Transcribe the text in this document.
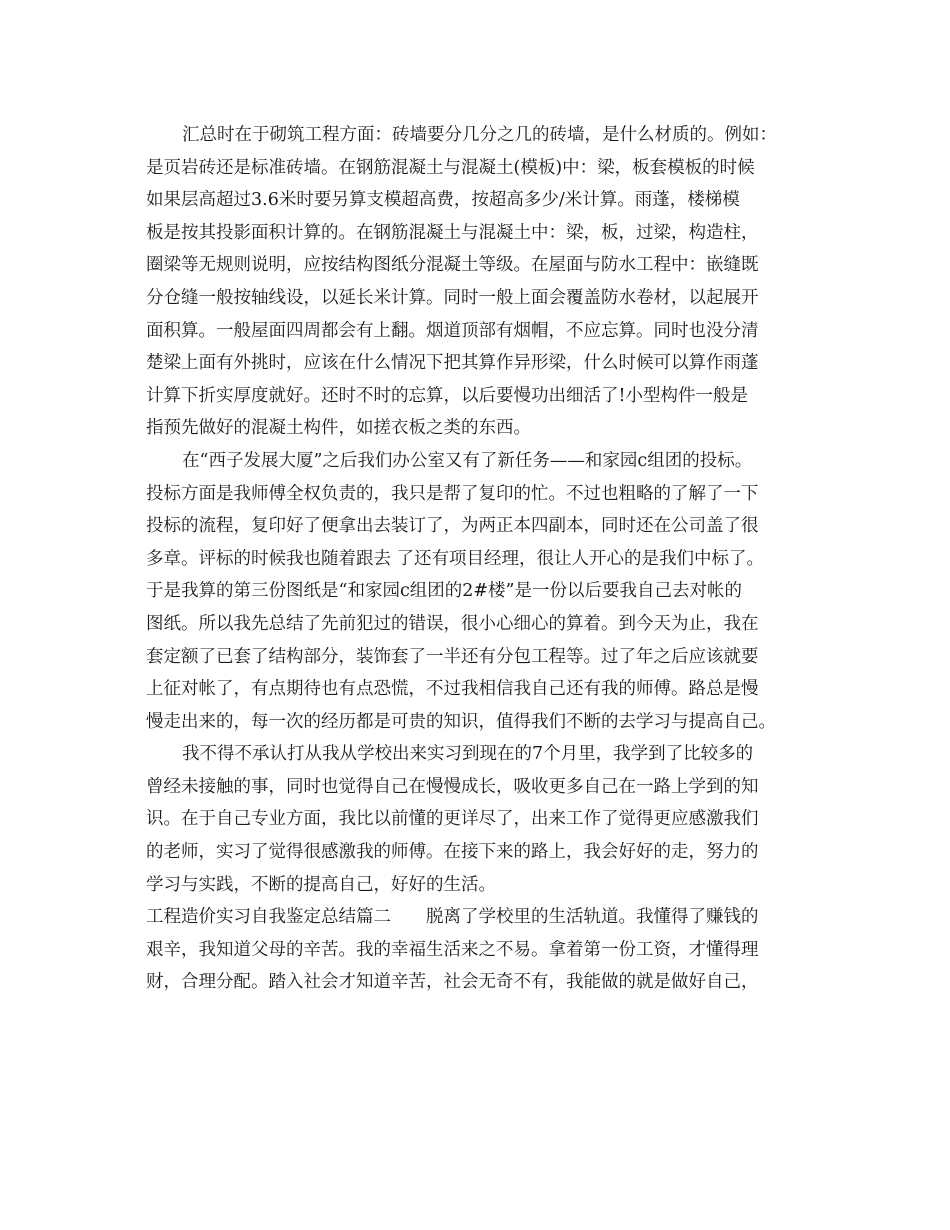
汇总时在于砌筑工程方面：砖墙要分几分之几的砖墙，是什么材质的。例如：
是页岩砖还是标准砖墙。在钢筋混凝土与混凝土(模板)中：梁，板套模板的时候
如果层高超过3.6米时要另算支模超高费，按超高多少/米计算。雨蓬，楼梯模
板是按其投影面积计算的。在钢筋混凝土与混凝土中：梁，板，过梁，构造柱，
圈梁等无规则说明，应按结构图纸分混凝土等级。在屋面与防水工程中：嵌缝既
分仓缝一般按轴线设，以延长米计算。同时一般上面会覆盖防水卷材，以起展开
面积算。一般屋面四周都会有上翻。烟道顶部有烟帽，不应忘算。同时也没分清
楚梁上面有外挑时，应该在什么情况下把其算作异形梁，什么时候可以算作雨蓬
计算下折实厚度就好。还时不时的忘算，以后要慢功出细活了!小型构件一般是
指预先做好的混凝土构件，如搓衣板之类的东西。
在“西子发展大厦”之后我们办公室又有了新任务——和家园c组团的投标。
投标方面是我师傅全权负责的，我只是帮了复印的忙。不过也粗略的了解了一下
投标的流程，复印好了便拿出去装订了，为两正本四副本，同时还在公司盖了很
多章。评标的时候我也随着跟去 了还有项目经理，很让人开心的是我们中标了。
于是我算的第三份图纸是“和家园c组团的2#楼”是一份以后要我自己去对帐的
图纸。所以我先总结了先前犯过的错误，很小心细心的算着。到今天为止，我在
套定额了已套了结构部分，装饰套了一半还有分包工程等。过了年之后应该就要
上征对帐了，有点期待也有点恐慌，不过我相信我自己还有我的师傅。路总是慢
慢走出来的，每一次的经历都是可贵的知识，值得我们不断的去学习与提高自己。
我不得不承认打从我从学校出来实习到现在的7个月里，我学到了比较多的
曾经未接触的事，同时也觉得自己在慢慢成长，吸收更多自己在一路上学到的知
识。在于自己专业方面，我比以前懂的更详尽了，出来工作了觉得更应感激我们
的老师，实习了觉得很感激我的师傅。在接下来的路上，我会好好的走，努力的
学习与实践，不断的提高自己，好好的生活。
工程造价实习自我鉴定总结篇二　　脱离了学校里的生活轨道。我懂得了赚钱的
艰辛，我知道父母的辛苦。我的幸福生活来之不易。拿着第一份工资，才懂得理
财，合理分配。踏入社会才知道辛苦，社会无奇不有，我能做的就是做好自己，
